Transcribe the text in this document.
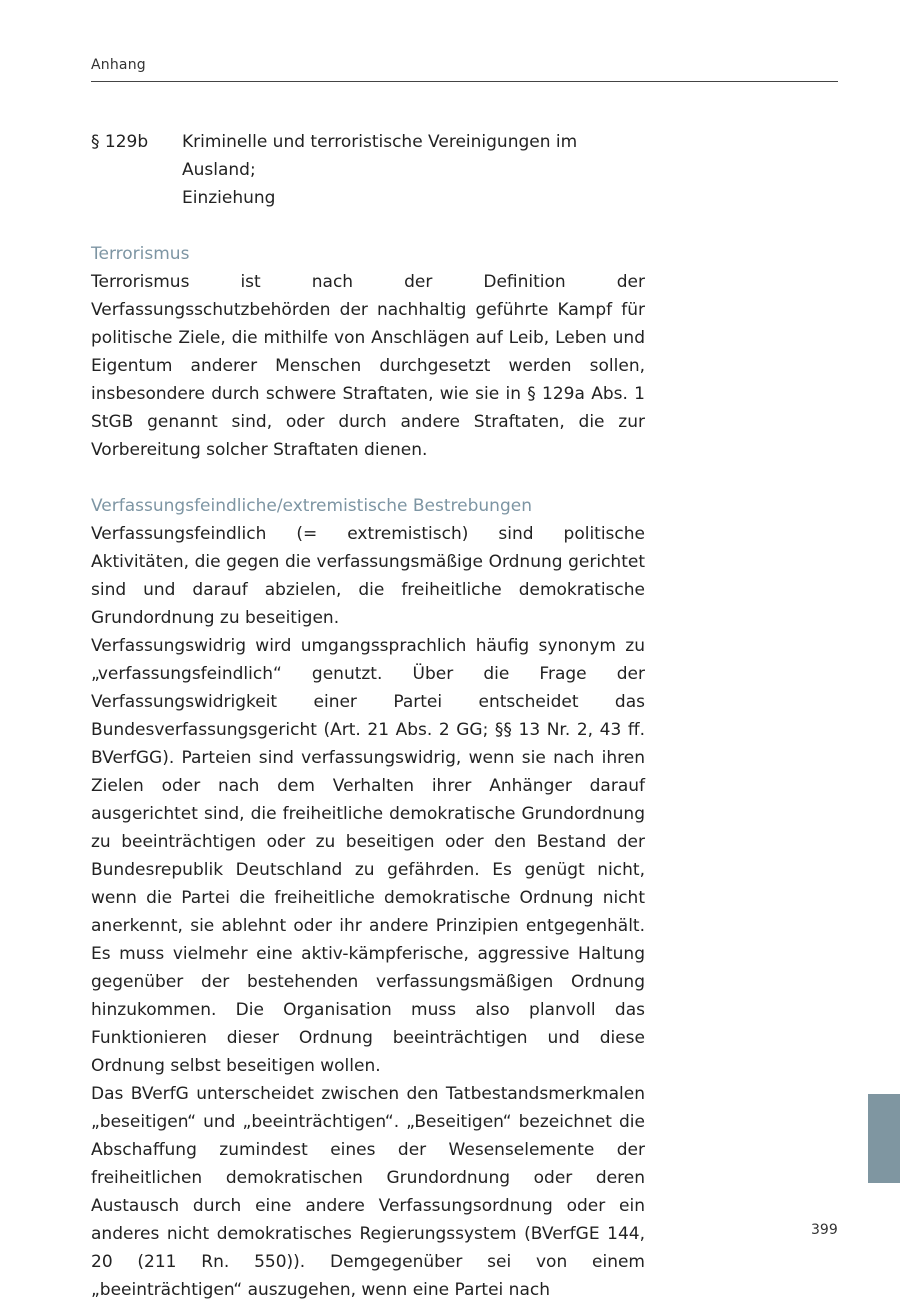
Anhang
§ 129b	Kriminelle und terroristische Vereinigungen im Ausland;
Einziehung
Terrorismus

Terrorismus ist nach der Definition der Verfassungsschutzbehörden der nachhaltig geführte Kampf für politische Ziele, die mithilfe von Anschlägen auf Leib, Leben und Eigentum anderer Menschen durchgesetzt werden sollen, insbesondere durch schwere Straftaten, wie sie in § 129a Abs. 1 StGB genannt sind, oder durch andere Straftaten, die zur Vorbereitung solcher Straftaten dienen.

Verfassungsfeindliche/extremistische Bestrebungen

Verfassungsfeindlich (= extremistisch) sind politische Aktivitäten, die gegen die verfassungsmäßige Ordnung gerichtet sind und darauf abzielen, die freiheitliche demokratische Grundordnung zu beseitigen.

Verfassungswidrig wird umgangssprachlich häufig synonym zu „verfassungsfeindlich“ genutzt. Über die Frage der Verfassungswidrigkeit einer Partei entscheidet das Bundesverfassungsgericht (Art. 21 Abs. 2 GG; §§ 13 Nr. 2, 43 ff. BVerfGG). Parteien sind verfassungswidrig, wenn sie nach ihren Zielen oder nach dem Verhalten ihrer Anhänger darauf ausgerichtet sind, die freiheitliche demokratische Grundordnung zu beeinträchtigen oder zu beseitigen oder den Bestand der Bundesrepublik Deutschland zu gefährden. Es genügt nicht, wenn die Partei die freiheitliche demokratische Ordnung nicht anerkennt, sie ablehnt oder ihr andere Prinzipien entgegenhält. Es muss vielmehr eine aktiv-kämpferische, aggressive Haltung gegenüber der bestehenden verfassungsmäßigen Ordnung hinzukommen. Die Organisation muss also planvoll das Funktionieren dieser Ordnung beeinträchtigen und diese Ordnung selbst beseitigen wollen.

Das BVerfG unterscheidet zwischen den Tatbestandsmerkmalen „beseitigen“ und „beeinträchtigen“. „Beseitigen“ bezeichnet die Abschaffung zumindest eines der Wesenselemente der freiheitlichen demokratischen Grundordnung oder deren Austausch durch eine andere Verfassungsordnung oder ein anderes nicht demokratisches Regierungssystem (BVerfGE 144, 20 (211 Rn. 550)). Demgegenüber sei von einem „beeinträchtigen“ auszugehen, wenn eine Partei nach

399
